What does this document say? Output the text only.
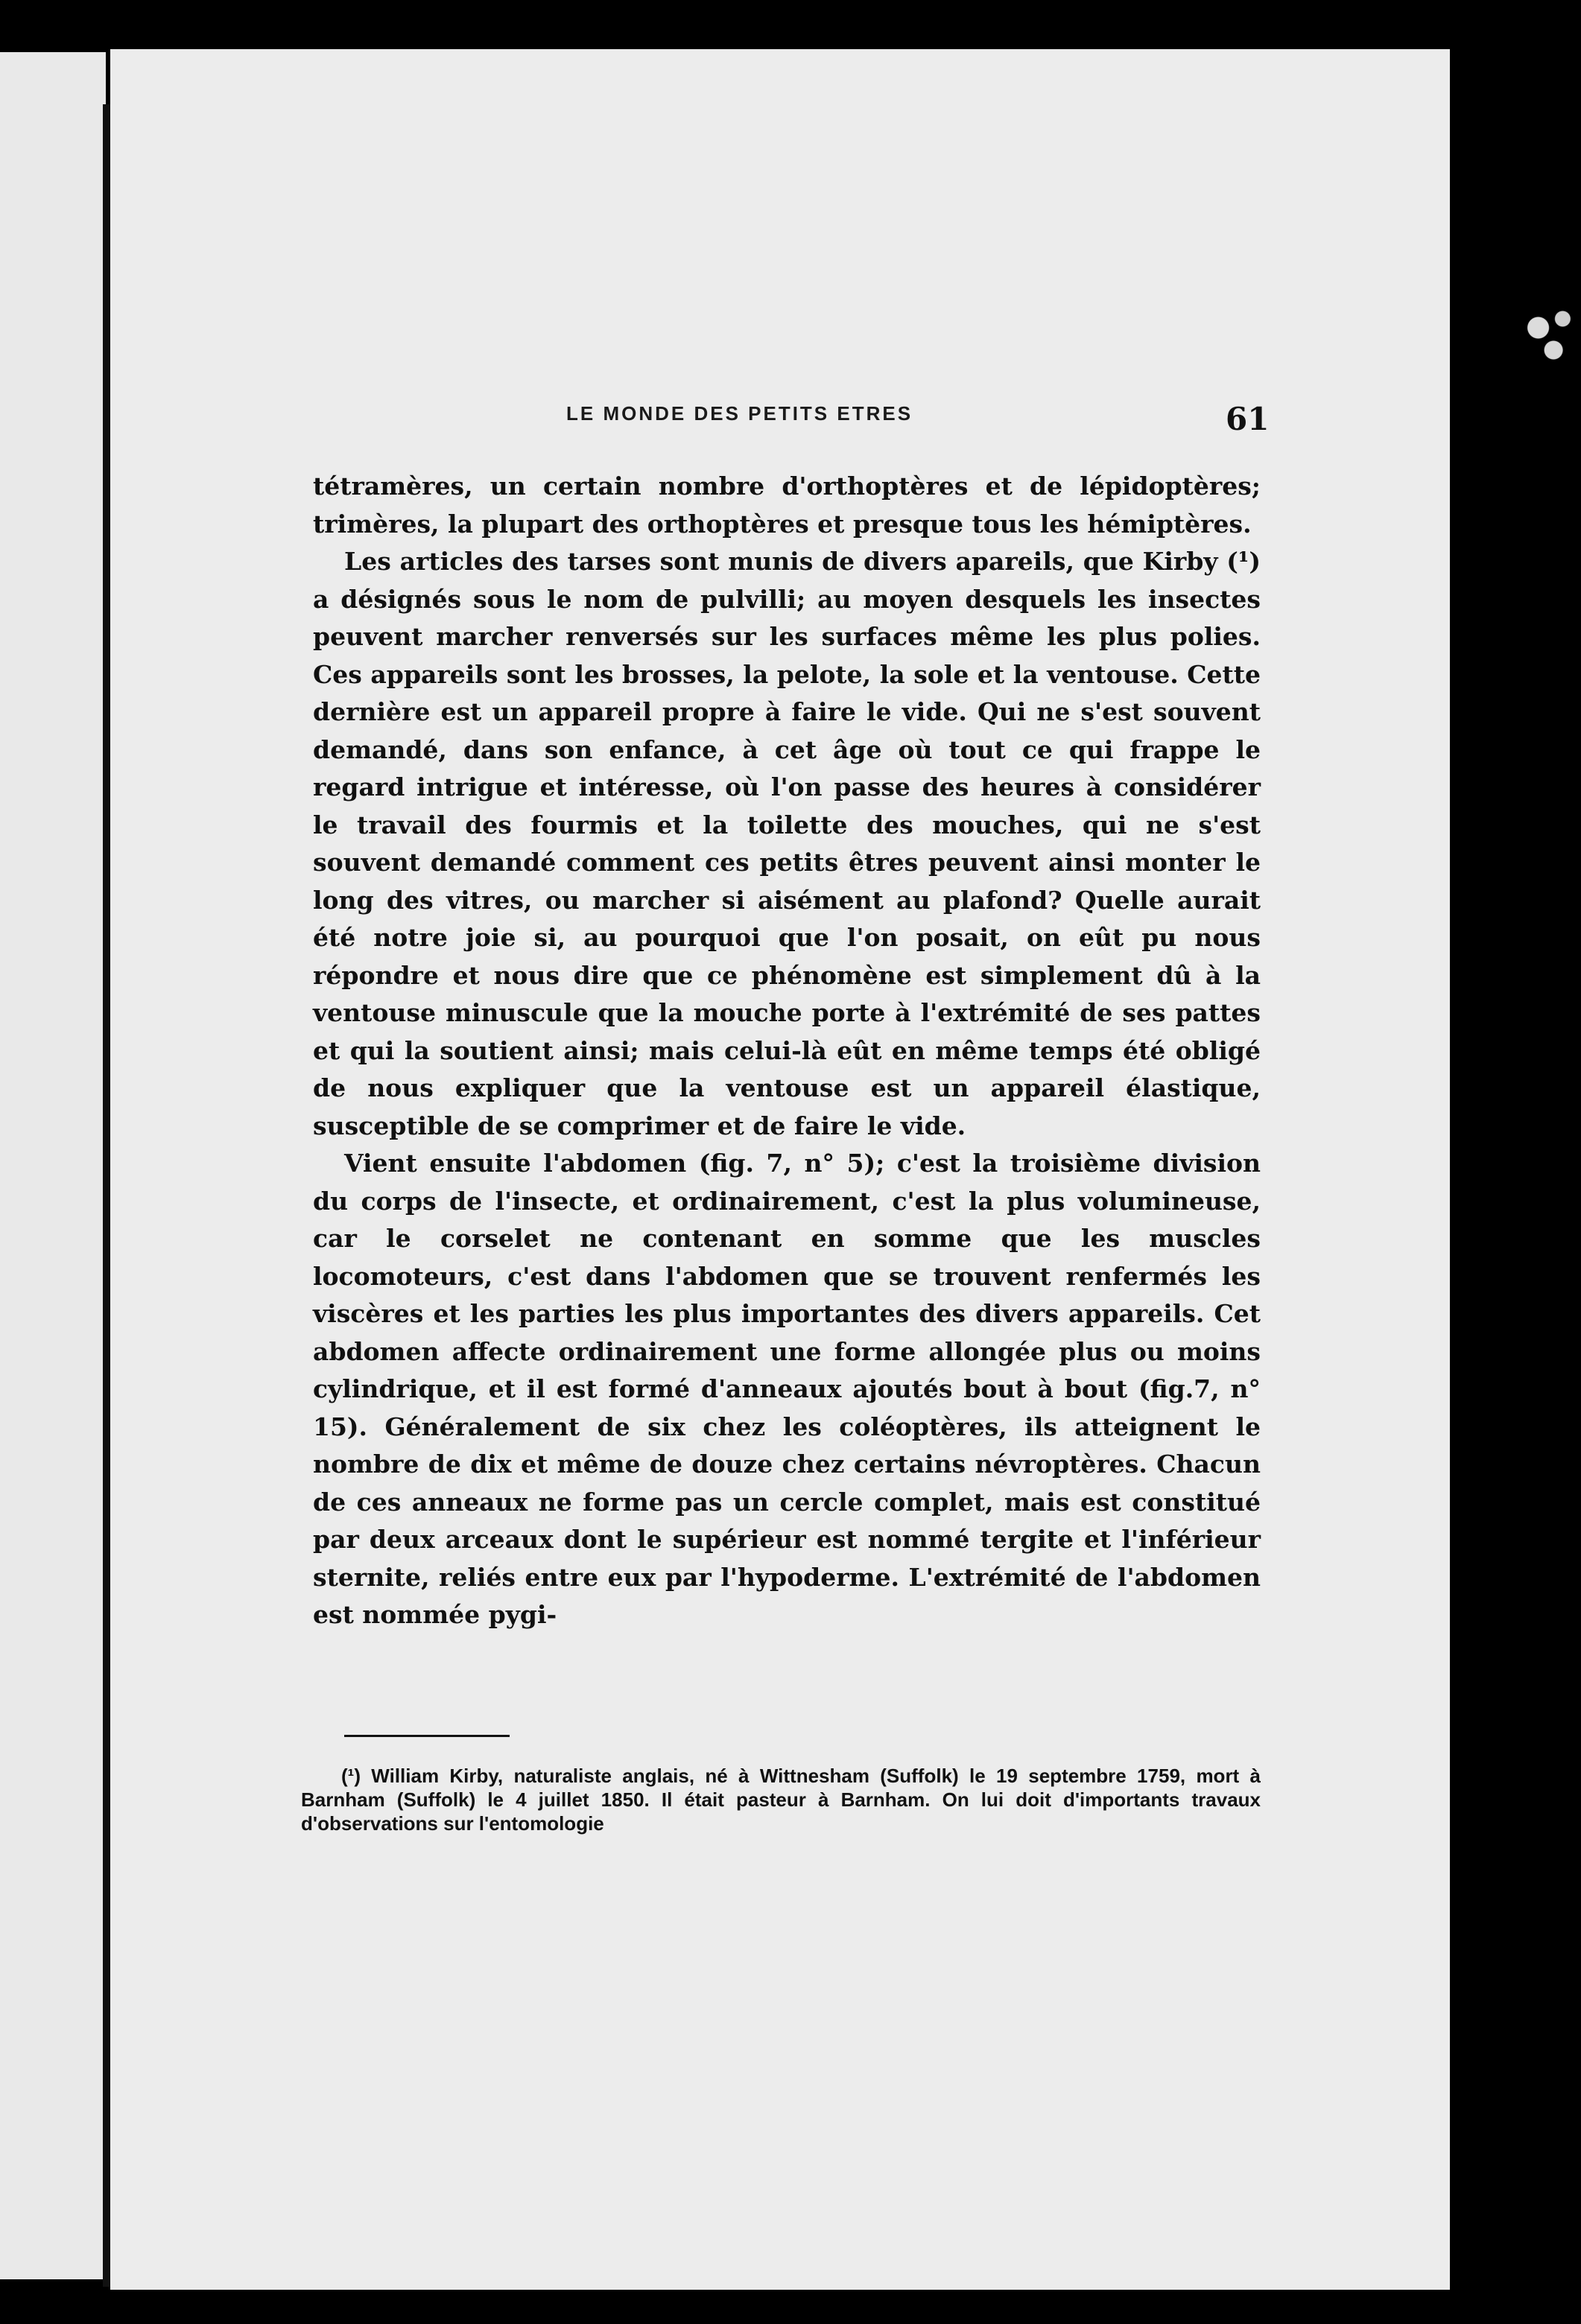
LE MONDE DES PETITS ETRES	61

tétramères, un certain nombre d'orthoptères et de lépidoptères; trimères, la plupart des orthoptères et presque tous les hémiptères.

Les articles des tarses sont munis de divers apareils, que Kirby (¹) a désignés sous le nom de pulvilli; au moyen desquels les insectes peuvent marcher renversés sur les surfaces même les plus polies. Ces appareils sont les brosses, la pelote, la sole et la ventouse. Cette dernière est un appareil propre à faire le vide. Qui ne s'est souvent demandé, dans son enfance, à cet âge où tout ce qui frappe le regard intrigue et intéresse, où l'on passe des heures à considérer le travail des fourmis et la toilette des mouches, qui ne s'est souvent demandé comment ces petits êtres peuvent ainsi monter le long des vitres, ou marcher si aisément au plafond? Quelle aurait été notre joie si, au pourquoi que l'on posait, on eût pu nous répondre et nous dire que ce phénomène est simplement dû à la ventouse minuscule que la mouche porte à l'extrémité de ses pattes et qui la soutient ainsi; mais celui-là eût en même temps été obligé de nous expliquer que la ventouse est un appareil élastique, susceptible de se comprimer et de faire le vide.

Vient ensuite l'abdomen (fig. 7, n° 5); c'est la troisième division du corps de l'insecte, et ordinairement, c'est la plus volumineuse, car le corselet ne contenant en somme que les muscles locomoteurs, c'est dans l'abdomen que se trouvent renfermés les viscères et les parties les plus importantes des divers appareils. Cet abdomen affecte ordinairement une forme allongée plus ou moins cylindrique, et il est formé d'anneaux ajoutés bout à bout (fig.7, n° 15). Généralement de six chez les coléoptères, ils atteignent le nombre de dix et même de douze chez certains névroptères. Chacun de ces anneaux ne forme pas un cercle complet, mais est constitué par deux arceaux dont le supérieur est nommé tergite et l'inférieur sternite, reliés entre eux par l'hypoderme. L'extrémité de l'abdomen est nommée pygi-

(¹) William Kirby, naturaliste anglais, né à Wittnesham (Suffolk) le 19 septembre 1759, mort à Barnham (Suffolk) le 4 juillet 1850. Il était pasteur à Barnham. On lui doit d'importants travaux d'observations sur l'entomologie
